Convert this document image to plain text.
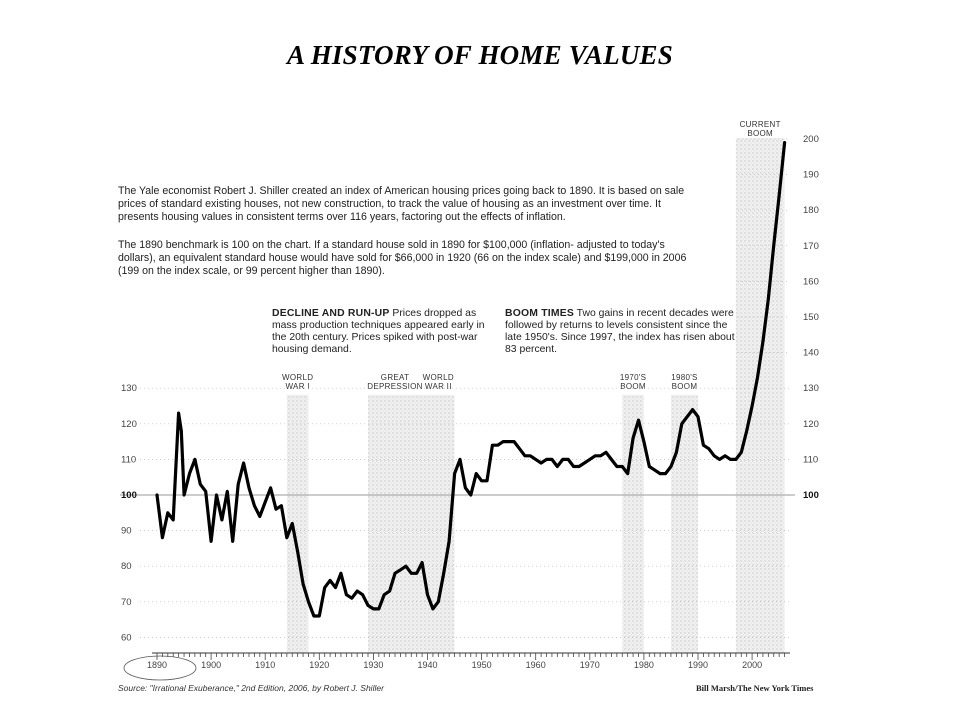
A HISTORY OF HOME VALUES
The Yale economist Robert J. Shiller created an index of American housing prices going back to 1890. It is based on sale prices of standard existing houses, not new construction, to track the value of housing as an investment over time. It presents housing values in consistent terms over 116 years, factoring out the effects of inflation.
The 1890 benchmark is 100 on the chart. If a standard house sold in 1890 for $100,000 (inflation- adjusted to today's dollars), an equivalent standard house would have sold for $66,000 in 1920 (66 on the index scale) and $199,000 in 2006 (199 on the index scale, or 99 percent higher than 1890).
DECLINE AND RUN-UP Prices dropped as mass production techniques appeared early in the 20th century. Prices spiked with post-war housing demand.
BOOM TIMES Two gains in recent decades were followed by returns to levels consistent since the late 1950's. Since 1997, the index has risen about 83 percent.
WORLD
WAR I
GREAT
DEPRESSION
WORLD
WAR II
1970'S
BOOM
1980'S
BOOM
CURRENT
BOOM
1890	1900	1910	1920	1930	1940	1950	1960	1970	1980	1990	2000
60
70
80
90
100
110
120
130
100
110
120
130
140
150
160
170
180
190
200
Source: "Irrational Exuberance," 2nd Edition, 2006, by Robert J. Shiller	Bill Marsh/The New York Times
